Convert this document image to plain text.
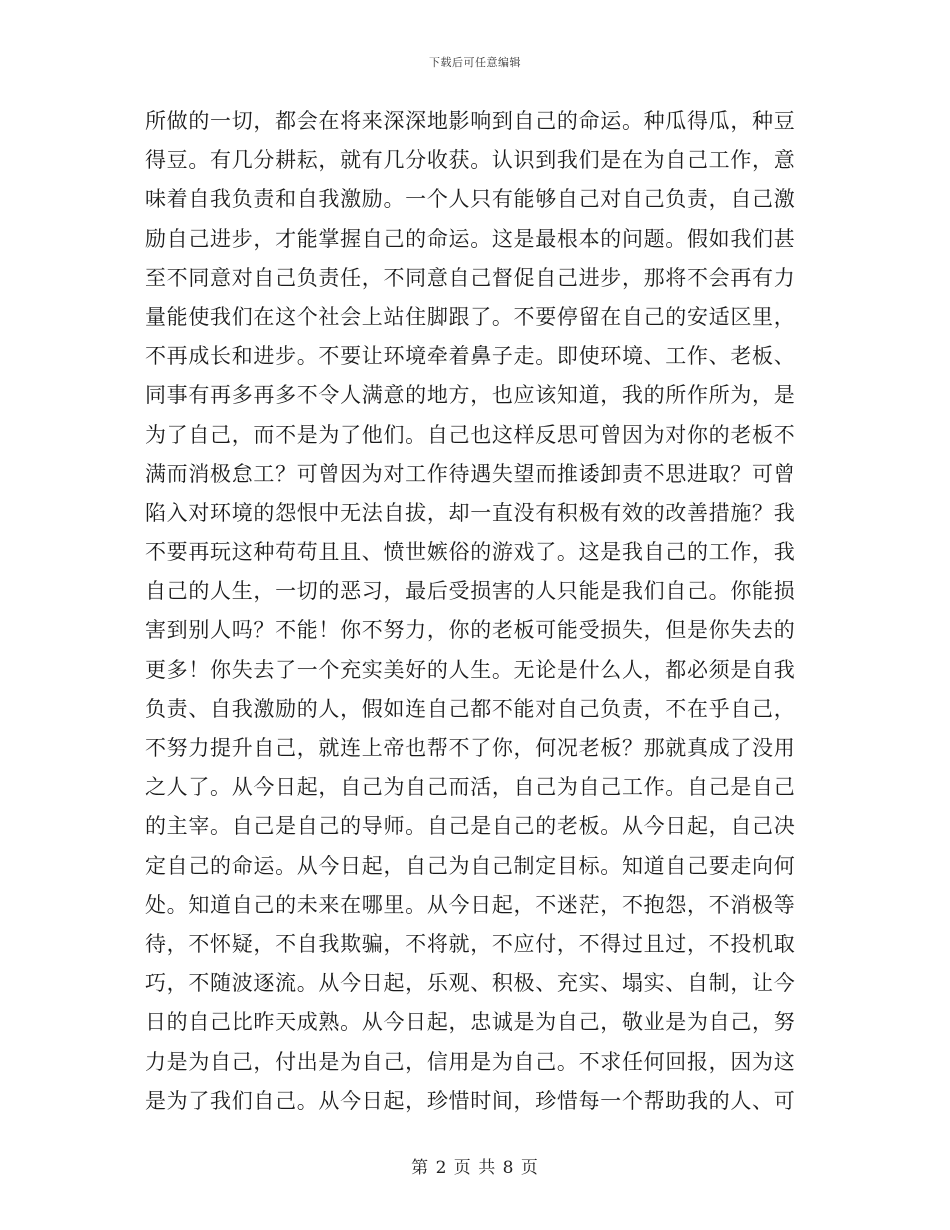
下载后可任意编辑
所做的一切，都会在将来深深地影响到自己的命运。种瓜得瓜，种豆
得豆。有几分耕耘，就有几分收获。认识到我们是在为自己工作，意
味着自我负责和自我激励。一个人只有能够自己对自己负责，自己激
励自己进步，才能掌握自己的命运。这是最根本的问题。假如我们甚
至不同意对自己负责任，不同意自己督促自己进步，那将不会再有力
量能使我们在这个社会上站住脚跟了。不要停留在自己的安适区里，
不再成长和进步。不要让环境牵着鼻子走。即使环境、工作、老板、
同事有再多再多不令人满意的地方，也应该知道，我的所作所为，是
为了自己，而不是为了他们。自己也这样反思可曾因为对你的老板不
满而消极怠工？可曾因为对工作待遇失望而推诿卸责不思进取？可曾
陷入对环境的怨恨中无法自拔，却一直没有积极有效的改善措施？我
不要再玩这种苟苟且且、愤世嫉俗的游戏了。这是我自己的工作，我
自己的人生，一切的恶习，最后受损害的人只能是我们自己。你能损
害到别人吗？不能！你不努力，你的老板可能受损失，但是你失去的
更多！你失去了一个充实美好的人生。无论是什么人，都必须是自我
负责、自我激励的人，假如连自己都不能对自己负责，不在乎自己，
不努力提升自己，就连上帝也帮不了你，何况老板？那就真成了没用
之人了。从今日起，自己为自己而活，自己为自己工作。自己是自己
的主宰。自己是自己的导师。自己是自己的老板。从今日起，自己决
定自己的命运。从今日起，自己为自己制定目标。知道自己要走向何
处。知道自己的未来在哪里。从今日起，不迷茫，不抱怨，不消极等
待，不怀疑，不自我欺骗，不将就，不应付，不得过且过，不投机取
巧，不随波逐流。从今日起，乐观、积极、充实、塌实、自制，让今
日的自己比昨天成熟。从今日起，忠诚是为自己，敬业是为自己，努
力是为自己，付出是为自己，信用是为自己。不求任何回报，因为这
是为了我们自己。从今日起，珍惜时间，珍惜每一个帮助我的人、可
第 2 页 共 8 页
